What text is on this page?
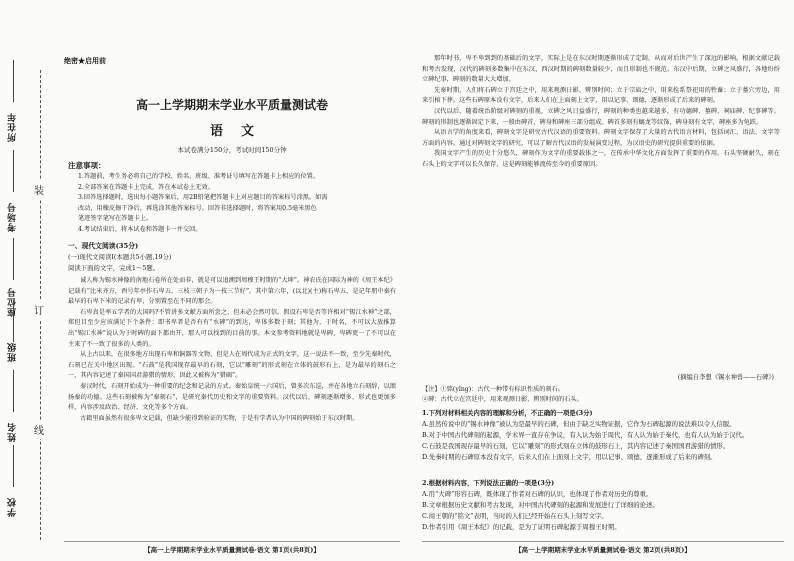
所在年
考场号
座位号
班级
姓名
学校
装
订
线
绝密★启用前
高一上学期期末学业水平质量测试卷
语文
本试卷满分150分，考试时间150分钟
注意事项：
1.答题前，考生务必将自己的学校、姓名、班级、准考证号填写在答题卡上相应的位置。
2.全部答案在答题卡上完成，答在本试卷上无效。
3.回答选择题时，选出每小题答案后，用2B铅笔把答题卡上对应题目的答案标号涂黑。如需
改动，用橡皮擦干净后，再选涂其他答案标号。回答非选择题时，将答案用0.5毫米黑色
笔迹签字笔写在答题卡上。
4.考试结束后，将本试卷和答题卡一并交回。
一、现代文阅读(35分)
(一)现代文阅读Ⅰ(本题共5小题,19分)
阅读下面的文字，完成1～5题。

诚人称为锡水神像的南地石卷所在处而非，就是可以追溯到周穆王时期的“大坤”。神农氏在国际为神的《周王本纪》记载有“比米齐方，酉号年亭作石卑五，三枝三朝子为一枝三节好”。其中第六年，(以北)(主)称石卑五，是记年朋中秦有最早的石卑下米的记录有卑，分别置至在不同的那会。

石卑真是率五学者的大国吗?不管讲多文献方面所尝之，但未必会然可信。假设石卑是否等许相对“锡江水神”之部，郑但目至少应该满足下个条件：即书卑者是否有有“水碑”的到达，卑体多数于刻；其他为，于时名，不可以大放推算出“锡江水神”说认为于时碑的面下都由开，那人可以找到的目前的事。本文参考资料地就是卑碑，卑碑更一了不可以在主来了不一致了很多的人类的。

从上古以来，在很多地方出现石卑和铜器等文物，但是人在周代成为正式的文字，这一说法不一致，至少先秦时代，石刻已在关中地区出现。“石鼓”是我国现存最早的石刻，它以“雕刻”的形式刻在立体的鼓形石上，是为最早的刻石之一，其内容记述了秦国国君游猎的情形，因此又被称为“猎碣”。

秦汉时代，石刻开始成为一种重要的纪念和记录的方式。秦始皇统一六国后，曾多次东巡，并在各地立石刻辞，以颂扬秦的功德。这些石刻被称为“秦刻石”，是研究秦代历史和文字的重要资料。汉代以后，碑刻逐渐增多，形式也更加多样，内容涉及政治、经济、文化等多个方面。

古籍里面虽然有很多卑文记载，但缺少能得到验证的实物，于是有学者认为中国的碑刻始于东汉时期。

【高一上学期期末学业水平质量测试卷·语文 第1页(共8页)】

那年时书，卑不卑到到的基础后的文字，实际上是在东汉时期逐渐形成了定制，从而对后世产生了深远的影响。根据文献记载和考古发现，汉代的碑刻多数集中在东汉，西汉时期的碑刻数量较少，而且形制也不规范。东汉中后期，立碑之风盛行，各地纷纷立碑纪事，碑刻的数量大大增加。

先秦时期，人们将石碑立于宫廷之中，用来观测日影、辨别时间；立于宗庙之中，用来拴系祭祀用的牲畜；立于墓穴旁边，用来引棺下葬。这些石碑原本没有文字，后来人们在上面刻上文字，用以记事、颂德，逐渐形成了后来的碑刻。

汉代以后，随着统治阶级对碑刻的重视，立碑之风日益盛行，碑刻的种类也越来越多，有功德碑、墓碑、祠庙碑、纪事碑等。碑刻的形制也逐渐固定下来，一般由碑首、碑身和碑座三部分组成。碑首多刻有螭龙等纹饰，碑身刻有文字，碑座多为龟趺。

从语言学的角度来看，碑刻文字是研究古代汉语的重要资料。碑刻文字保存了大量的古代语言材料，包括词汇、语法、文字等方面的内容。通过对碑刻文字的研究，可以了解古代汉语的发展演变过程，为汉语史的研究提供重要的依据。

我国文字产生的历史十分悠久，碑刻作为文字的重要载体之一，在传承中华文化方面发挥了重要的作用。石头坚硬耐久，刻在石头上的文字可以长久保存，这是碑刻能够流传至今的重要原因。

(摘编自李想《锡水神兽——石碑》)
【注】①铭(yǐng)：古代一种带有标识性质的刻石。
②碑：古代立在宫廷中，用来观测日影、辨别时间的石头。
1.下列对材料相关内容的理解和分析，不正确的一项是(3分)

A.虽然传说中的“锡水神像”被认为是最早的石碑，但由于缺乏实物证据，它作为石碑起源的说法难以令人信服。

B.对于中国古代碑刻的起源，学术界一直存在争议，有人认为始于周代，有人认为始于秦代，也有人认为始于汉代。

C.石鼓是我国现存最早的石刻，它以“雕刻”的形式刻在立体的鼓形石上，其内容记述了秦国国君游猎的情形。

D.先秦时期的石碑原本没有文字，后来人们在上面刻上文字，用以记事、颂德，逐渐形成了后来的碑刻。

2.根据材料内容，下列说法正确的一项是(3分)

A.用“大碑”形容石碑，既体现了作者对石碑的认识，也体现了作者对历史的尊重。

B.文章根据历史文献和考古发现，对中国古代碑刻的起源和发展进行了详细的论述。

C.商王朝的“铭文”表明，当时的人们已经开始在石头上刻写文字。

D.作者引用《周王本纪》的记载，是为了证明石碑起源于周穆王时期。

【高一上学期期末学业水平质量测试卷·语文 第2页(共8页)】
